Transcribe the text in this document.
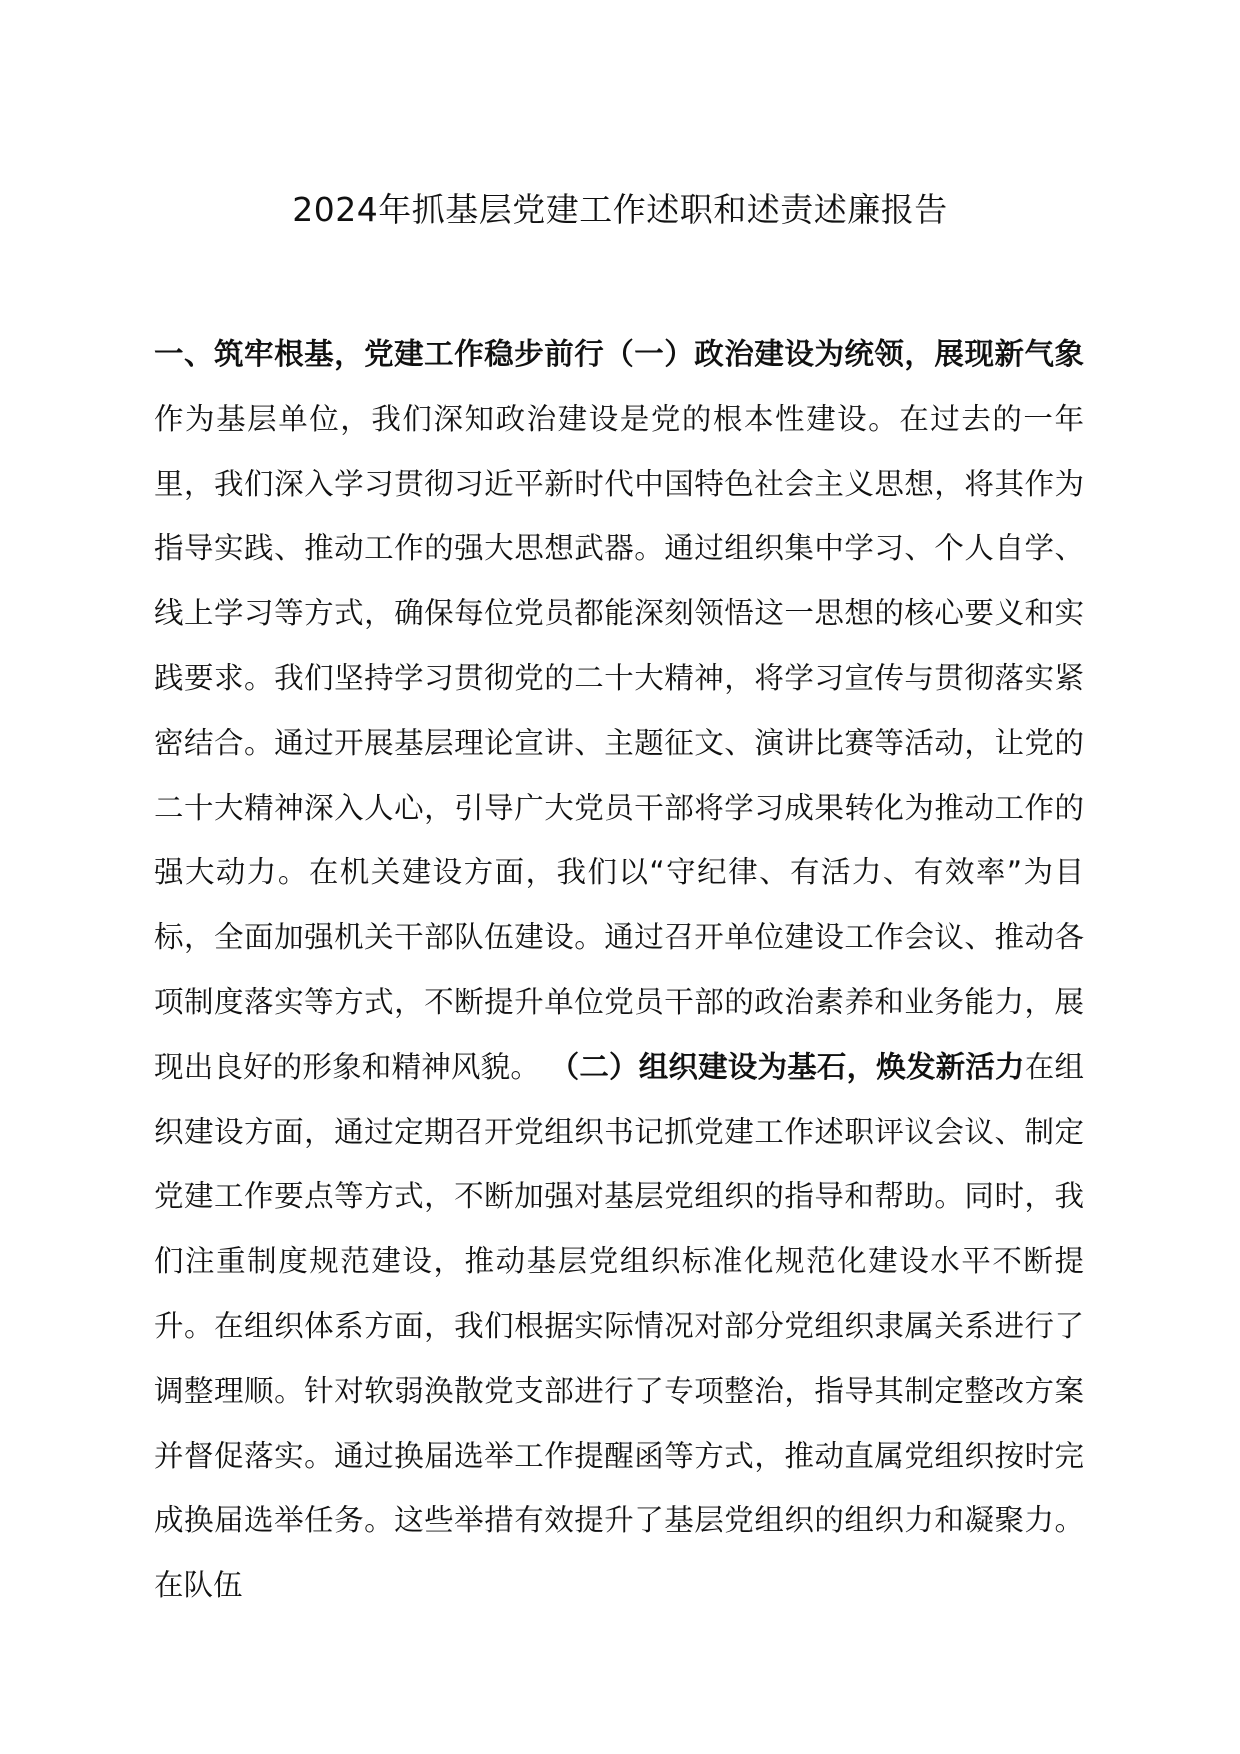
2024年抓基层党建工作述职和述责述廉报告

一、筑牢根基，党建工作稳步前行（一）政治建设为统领，展现新气象作为基层单位，我们深知政治建设是党的根本性建设。在过去的一年里，我们深入学习贯彻习近平新时代中国特色社会主义思想，将其作为指导实践、推动工作的强大思想武器。通过组织集中学习、个人自学、线上学习等方式，确保每位党员都能深刻领悟这一思想的核心要义和实践要求。我们坚持学习贯彻党的二十大精神，将学习宣传与贯彻落实紧密结合。通过开展基层理论宣讲、主题征文、演讲比赛等活动，让党的二十大精神深入人心，引导广大党员干部将学习成果转化为推动工作的强大动力。在机关建设方面，我们以“守纪律、有活力、有效率”为目标，全面加强机关干部队伍建设。通过召开单位建设工作会议、推动各项制度落实等方式，不断提升单位党员干部的政治素养和业务能力，展现出良好的形象和精神风貌。 （二）组织建设为基石，焕发新活力在组织建设方面，通过定期召开党组织书记抓党建工作述职评议会议、制定党建工作要点等方式，不断加强对基层党组织的指导和帮助。同时，我们注重制度规范建设，推动基层党组织标准化规范化建设水平不断提升。在组织体系方面，我们根据实际情况对部分党组织隶属关系进行了调整理顺。针对软弱涣散党支部进行了专项整治，指导其制定整改方案并督促落实。通过换届选举工作提醒函等方式，推动直属党组织按时完成换届选举任务。这些举措有效提升了基层党组织的组织力和凝聚力。在队伍
